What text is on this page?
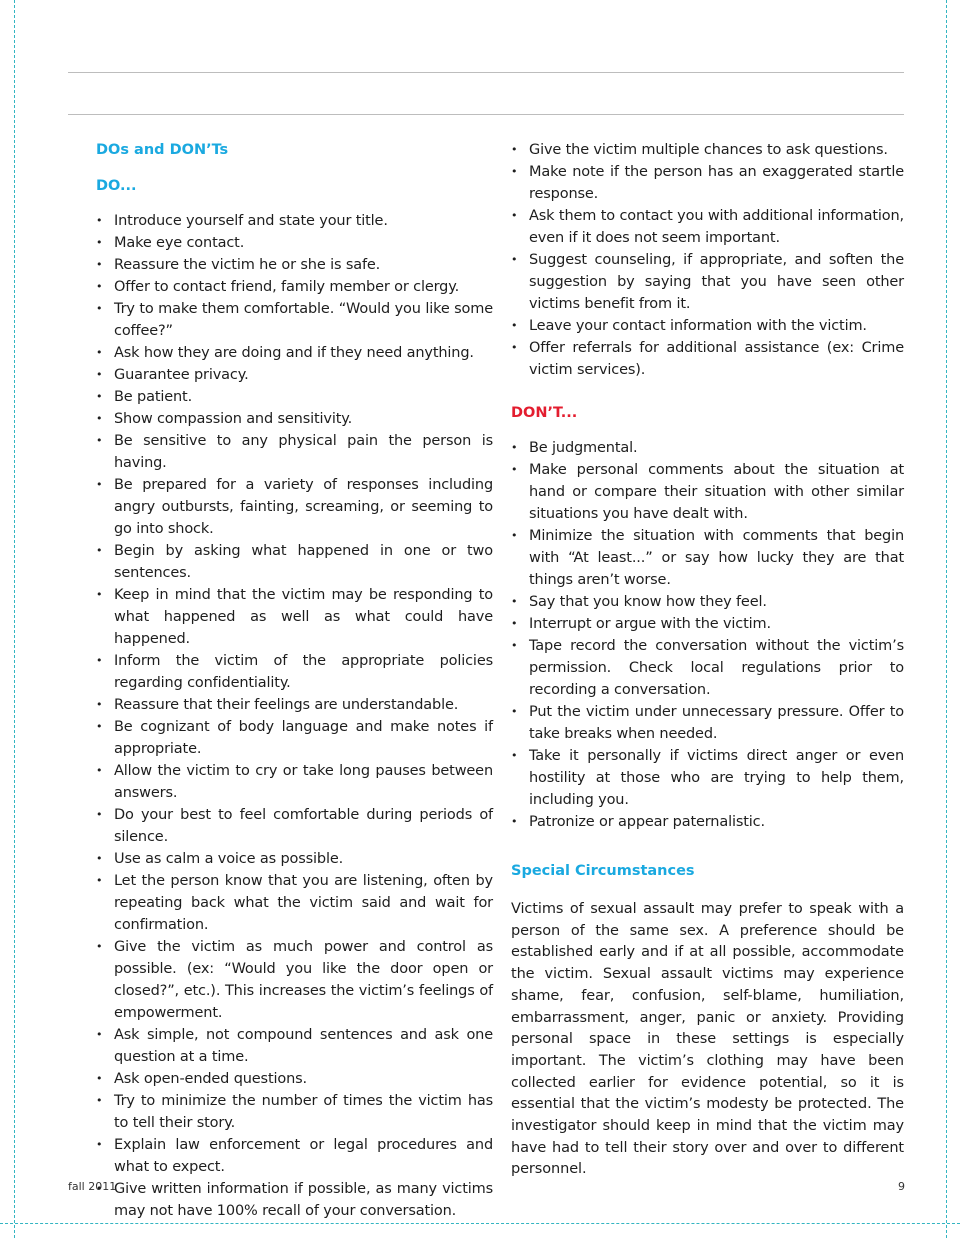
DOs and DON’Ts
DO...
• Introduce yourself and state your title.
• Make eye contact.
• Reassure the victim he or she is safe.
• Offer to contact friend, family member or clergy.
• Try to make them comfortable. “Would you like some coffee?”
• Ask how they are doing and if they need anything.
• Guarantee privacy.
• Be patient.
• Show compassion and sensitivity.
• Be sensitive to any physical pain the person is having.
• Be prepared for a variety of responses including angry outbursts, fainting, screaming, or seeming to go into shock.
• Begin by asking what happened in one or two sentences.
• Keep in mind that the victim may be responding to what happened as well as what could have happened.
• Inform the victim of the appropriate policies regarding confidentiality.
• Reassure that their feelings are understandable.
• Be cognizant of body language and make notes if appropriate.
• Allow the victim to cry or take long pauses between answers.
• Do your best to feel comfortable during periods of silence.
• Use as calm a voice as possible.
• Let the person know that you are listening, often by repeating back what the victim said and wait for confirmation.
• Give the victim as much power and control as possible. (ex: “Would you like the door open or closed?”, etc.). This increases the victim’s feelings of empowerment.
• Ask simple, not compound sentences and ask one question at a time.
• Ask open-ended questions.
• Try to minimize the number of times the victim has to tell their story.
• Explain law enforcement or legal procedures and what to expect.
• Give written information if possible, as many victims may not have 100% recall of your conversation.
• Give the victim multiple chances to ask questions.
• Make note if the person has an exaggerated startle response.
• Ask them to contact you with additional information, even if it does not seem important.
• Suggest counseling, if appropriate, and soften the suggestion by saying that you have seen other victims benefit from it.
• Leave your contact information with the victim.
• Offer referrals for additional assistance (ex: Crime victim services).
DON’T...
• Be judgmental.
• Make personal comments about the situation at hand or compare their situation with other similar situations you have dealt with.
• Minimize the situation with comments that begin with “At least...” or say how lucky they are that things aren’t worse.
• Say that you know how they feel.
• Interrupt or argue with the victim.
• Tape record the conversation without the victim’s permission. Check local regulations prior to recording a conversation.
• Put the victim under unnecessary pressure. Offer to take breaks when needed.
• Take it personally if victims direct anger or even hostility at those who are trying to help them, including you.
• Patronize or appear paternalistic.
Special Circumstances

Victims of sexual assault may prefer to speak with a person of the same sex. A preference should be established early and if at all possible, accommodate the victim. Sexual assault victims may experience shame, fear, confusion, self-blame, humiliation, embarrassment, anger, panic or anxiety. Providing personal space in these settings is especially important. The victim’s clothing may have been collected earlier for evidence potential, so it is essential that the victim’s modesty be protected. The investigator should keep in mind that the victim may have had to tell their story over and over to different personnel.

fall 2011	9
